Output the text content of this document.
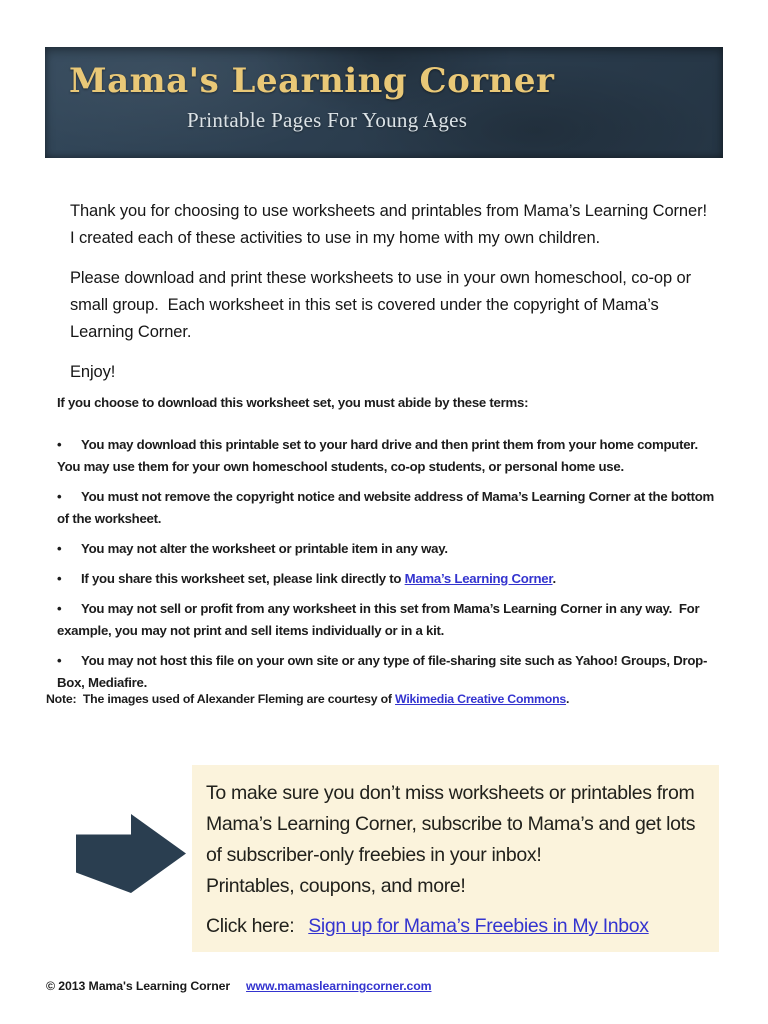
Mama's Learning Corner
Printable Pages For Young Ages

Thank you for choosing to use worksheets and printables from Mama’s Learning Corner! I created each of these activities to use in my home with my own children.

Please download and print these worksheets to use in your own homeschool, co-op or small group.  Each worksheet in this set is covered under the copyright of Mama’s Learning Corner.

Enjoy!

If you choose to download this worksheet set, you must abide by these terms:

• You may download this printable set to your hard drive and then print them from your home computer. You may use them for your own homeschool students, co-op students, or personal home use.

• You must not remove the copyright notice and website address of Mama’s Learning Corner at the bottom of the worksheet.

• You may not alter the worksheet or printable item in any way.

• If you share this worksheet set, please link directly to Mama’s Learning Corner.

• You may not sell or profit from any worksheet in this set from Mama’s Learning Corner in any way.  For example, you may not print and sell items individually or in a kit.

• You may not host this file on your own site or any type of file-sharing site such as Yahoo! Groups, Drop-Box, Mediafire.

Note:  The images used of Alexander Fleming are courtesy of Wikimedia Creative Commons.
To make sure you don’t miss worksheets or printables from Mama’s Learning Corner, subscribe to Mama’s and get lots of subscriber-only freebies in your inbox!
Printables, coupons, and more!
Click here: Sign up for Mama’s Freebies in My Inbox
© 2013 Mama's Learning Corner www.mamaslearningcorner.com
